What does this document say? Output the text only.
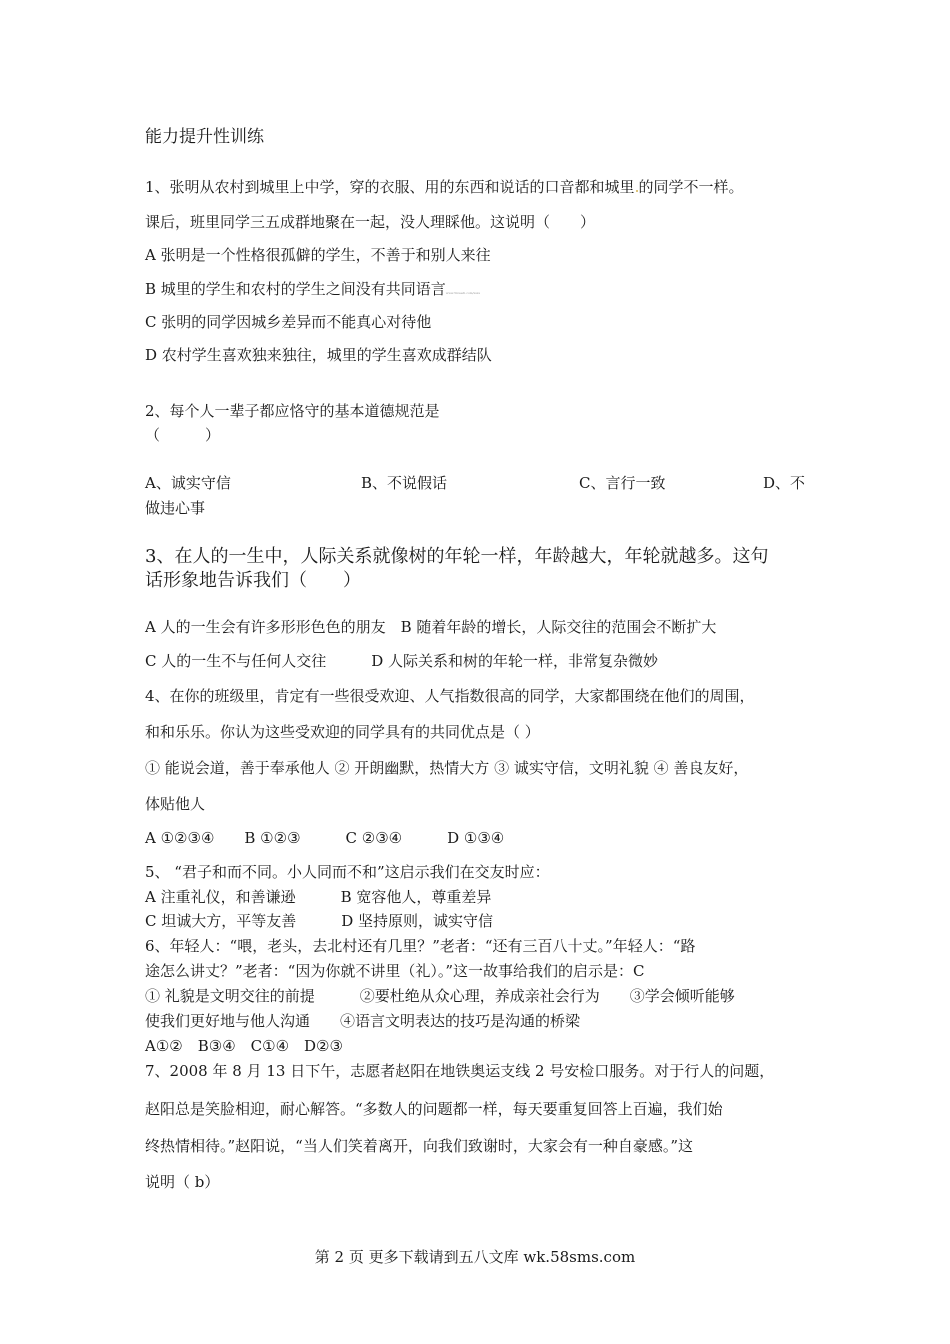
能力提升性训练
1、张明从农村到城里上中学，穿的衣服、用的东西和说话的口音都和城里 的同学不一样。
课后，班里同学三五成群地聚在一起，没人理睬他。这说明（　　）
A 张明是一个性格很孤僻的学生，不善于和别人来往
B 城里的学生和农村的学生之间没有共同语言www.5ixuedi.com/xsxs
C 张明的同学因城乡差异而不能真心对待他
D 农村学生喜欢独来独往，城里的学生喜欢成群结队
2、每个人一辈子都应恪守的基本道德规范是
（　　　）
A、诚实守信	B、不说假话	C、言行一致	D、不
做违心事
3、在人的一生中，人际关系就像树的年轮一样，年龄越大，年轮就越多。这句
话形象地告诉我们（　　）
A 人的一生会有许多形形色色的朋友　B 随着年龄的增长，人际交往的范围会不断扩大
C 人的一生不与任何人交往　　　D 人际关系和树的年轮一样，非常复杂微妙
4、在你的班级里，肯定有一些很受欢迎、人气指数很高的同学，大家都围绕在他们的周围，
和和乐乐。你认为这些受欢迎的同学具有的共同优点是（ ）
① 能说会道，善于奉承他人 ② 开朗幽默，热情大方 ③ 诚实守信，文明礼貌 ④ 善良友好，
体贴他人
A ①②③④　　B ①②③　　　C ②③④　　　D ①③④
5、 “君子和而不同。小人同而不和”这启示我们在交友时应：
A 注重礼仪，和善谦逊　　　B 宽容他人，尊重差异
C 坦诚大方，平等友善　　　D 坚持原则，诚实守信
6、年轻人：“喂，老头，去北村还有几里？”老者：“还有三百八十丈。”年轻人：“路
途怎么讲丈？”老者：“因为你就不讲里（礼）。”这一故事给我们的启示是：C
① 礼貌是文明交往的前提　　　②要杜绝从众心理，养成亲社会行为　　③学会倾听能够
使我们更好地与他人沟通　　④语言文明表达的技巧是沟通的桥梁
A①②　B③④　C①④　D②③
7、2008 年 8 月 13 日下午，志愿者赵阳在地铁奥运支线 2 号安检口服务。对于行人的问题，
赵阳总是笑脸相迎，耐心解答。“多数人的问题都一样，每天要重复回答上百遍，我们始
终热情相待。”赵阳说，“当人们笑着离开，向我们致谢时，大家会有一种自豪感。”这
说明（ b）
第 2 页 更多下载请到五八文库 wk.58sms.com
